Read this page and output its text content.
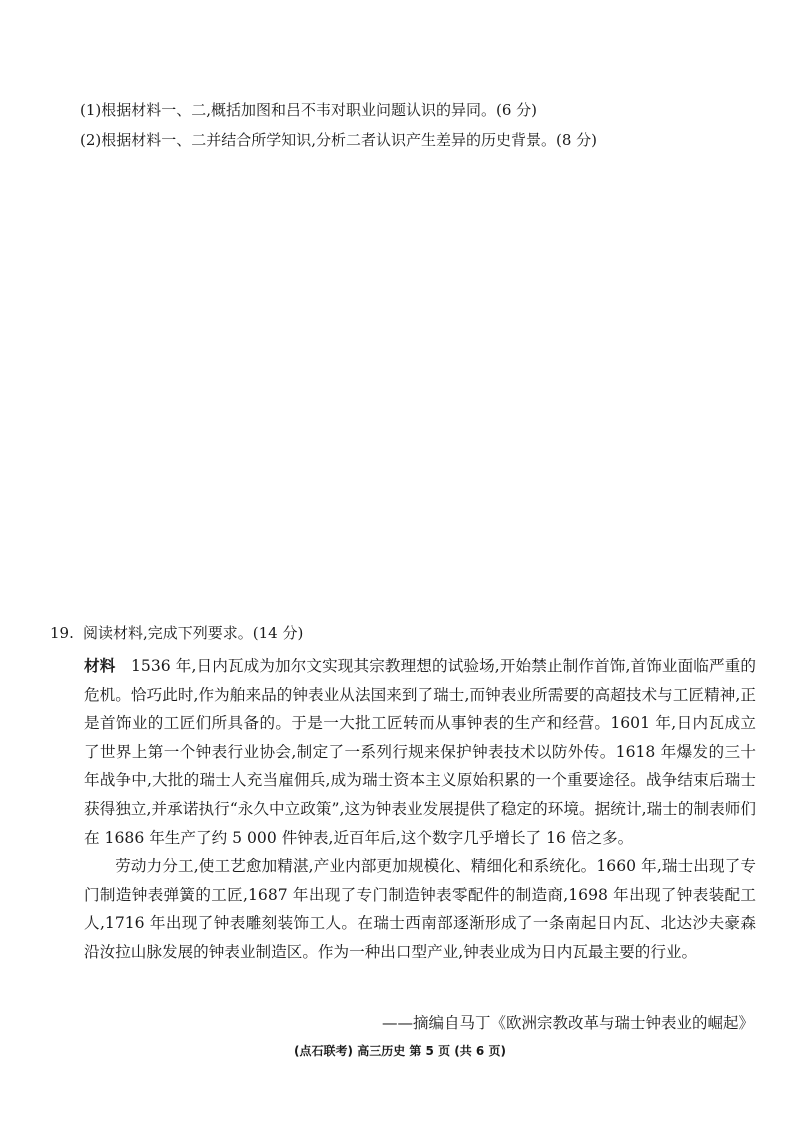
(1)根据材料一、二,概括加图和吕不韦对职业问题认识的异同。(6 分)
(2)根据材料一、二并结合所学知识,分析二者认识产生差异的历史背景。(8 分)
19. 阅读材料,完成下列要求。(14 分)

材料 1536 年,日内瓦成为加尔文实现其宗教理想的试验场,开始禁止制作首饰,首饰业面临严重的危机。恰巧此时,作为舶来品的钟表业从法国来到了瑞士,而钟表业所需要的高超技术与工匠精神,正是首饰业的工匠们所具备的。于是一大批工匠转而从事钟表的生产和经营。1601 年,日内瓦成立了世界上第一个钟表行业协会,制定了一系列行规来保护钟表技术以防外传。1618 年爆发的三十年战争中,大批的瑞士人充当雇佣兵,成为瑞士资本主义原始积累的一个重要途径。战争结束后瑞士获得独立,并承诺执行“永久中立政策”,这为钟表业发展提供了稳定的环境。据统计,瑞士的制表师们在 1686 年生产了约 5 000 件钟表,近百年后,这个数字几乎增长了 16 倍之多。

劳动力分工,使工艺愈加精湛,产业内部更加规模化、精细化和系统化。1660 年,瑞士出现了专门制造钟表弹簧的工匠,1687 年出现了专门制造钟表零配件的制造商,1698 年出现了钟表装配工人,1716 年出现了钟表雕刻装饰工人。在瑞士西南部逐渐形成了一条南起日内瓦、北达沙夫豪森沿汝拉山脉发展的钟表业制造区。作为一种出口型产业,钟表业成为日内瓦最主要的行业。

——摘编自马丁《欧洲宗教改革与瑞士钟表业的崛起》
(点石联考) 高三历史 第 5 页 (共 6 页)
